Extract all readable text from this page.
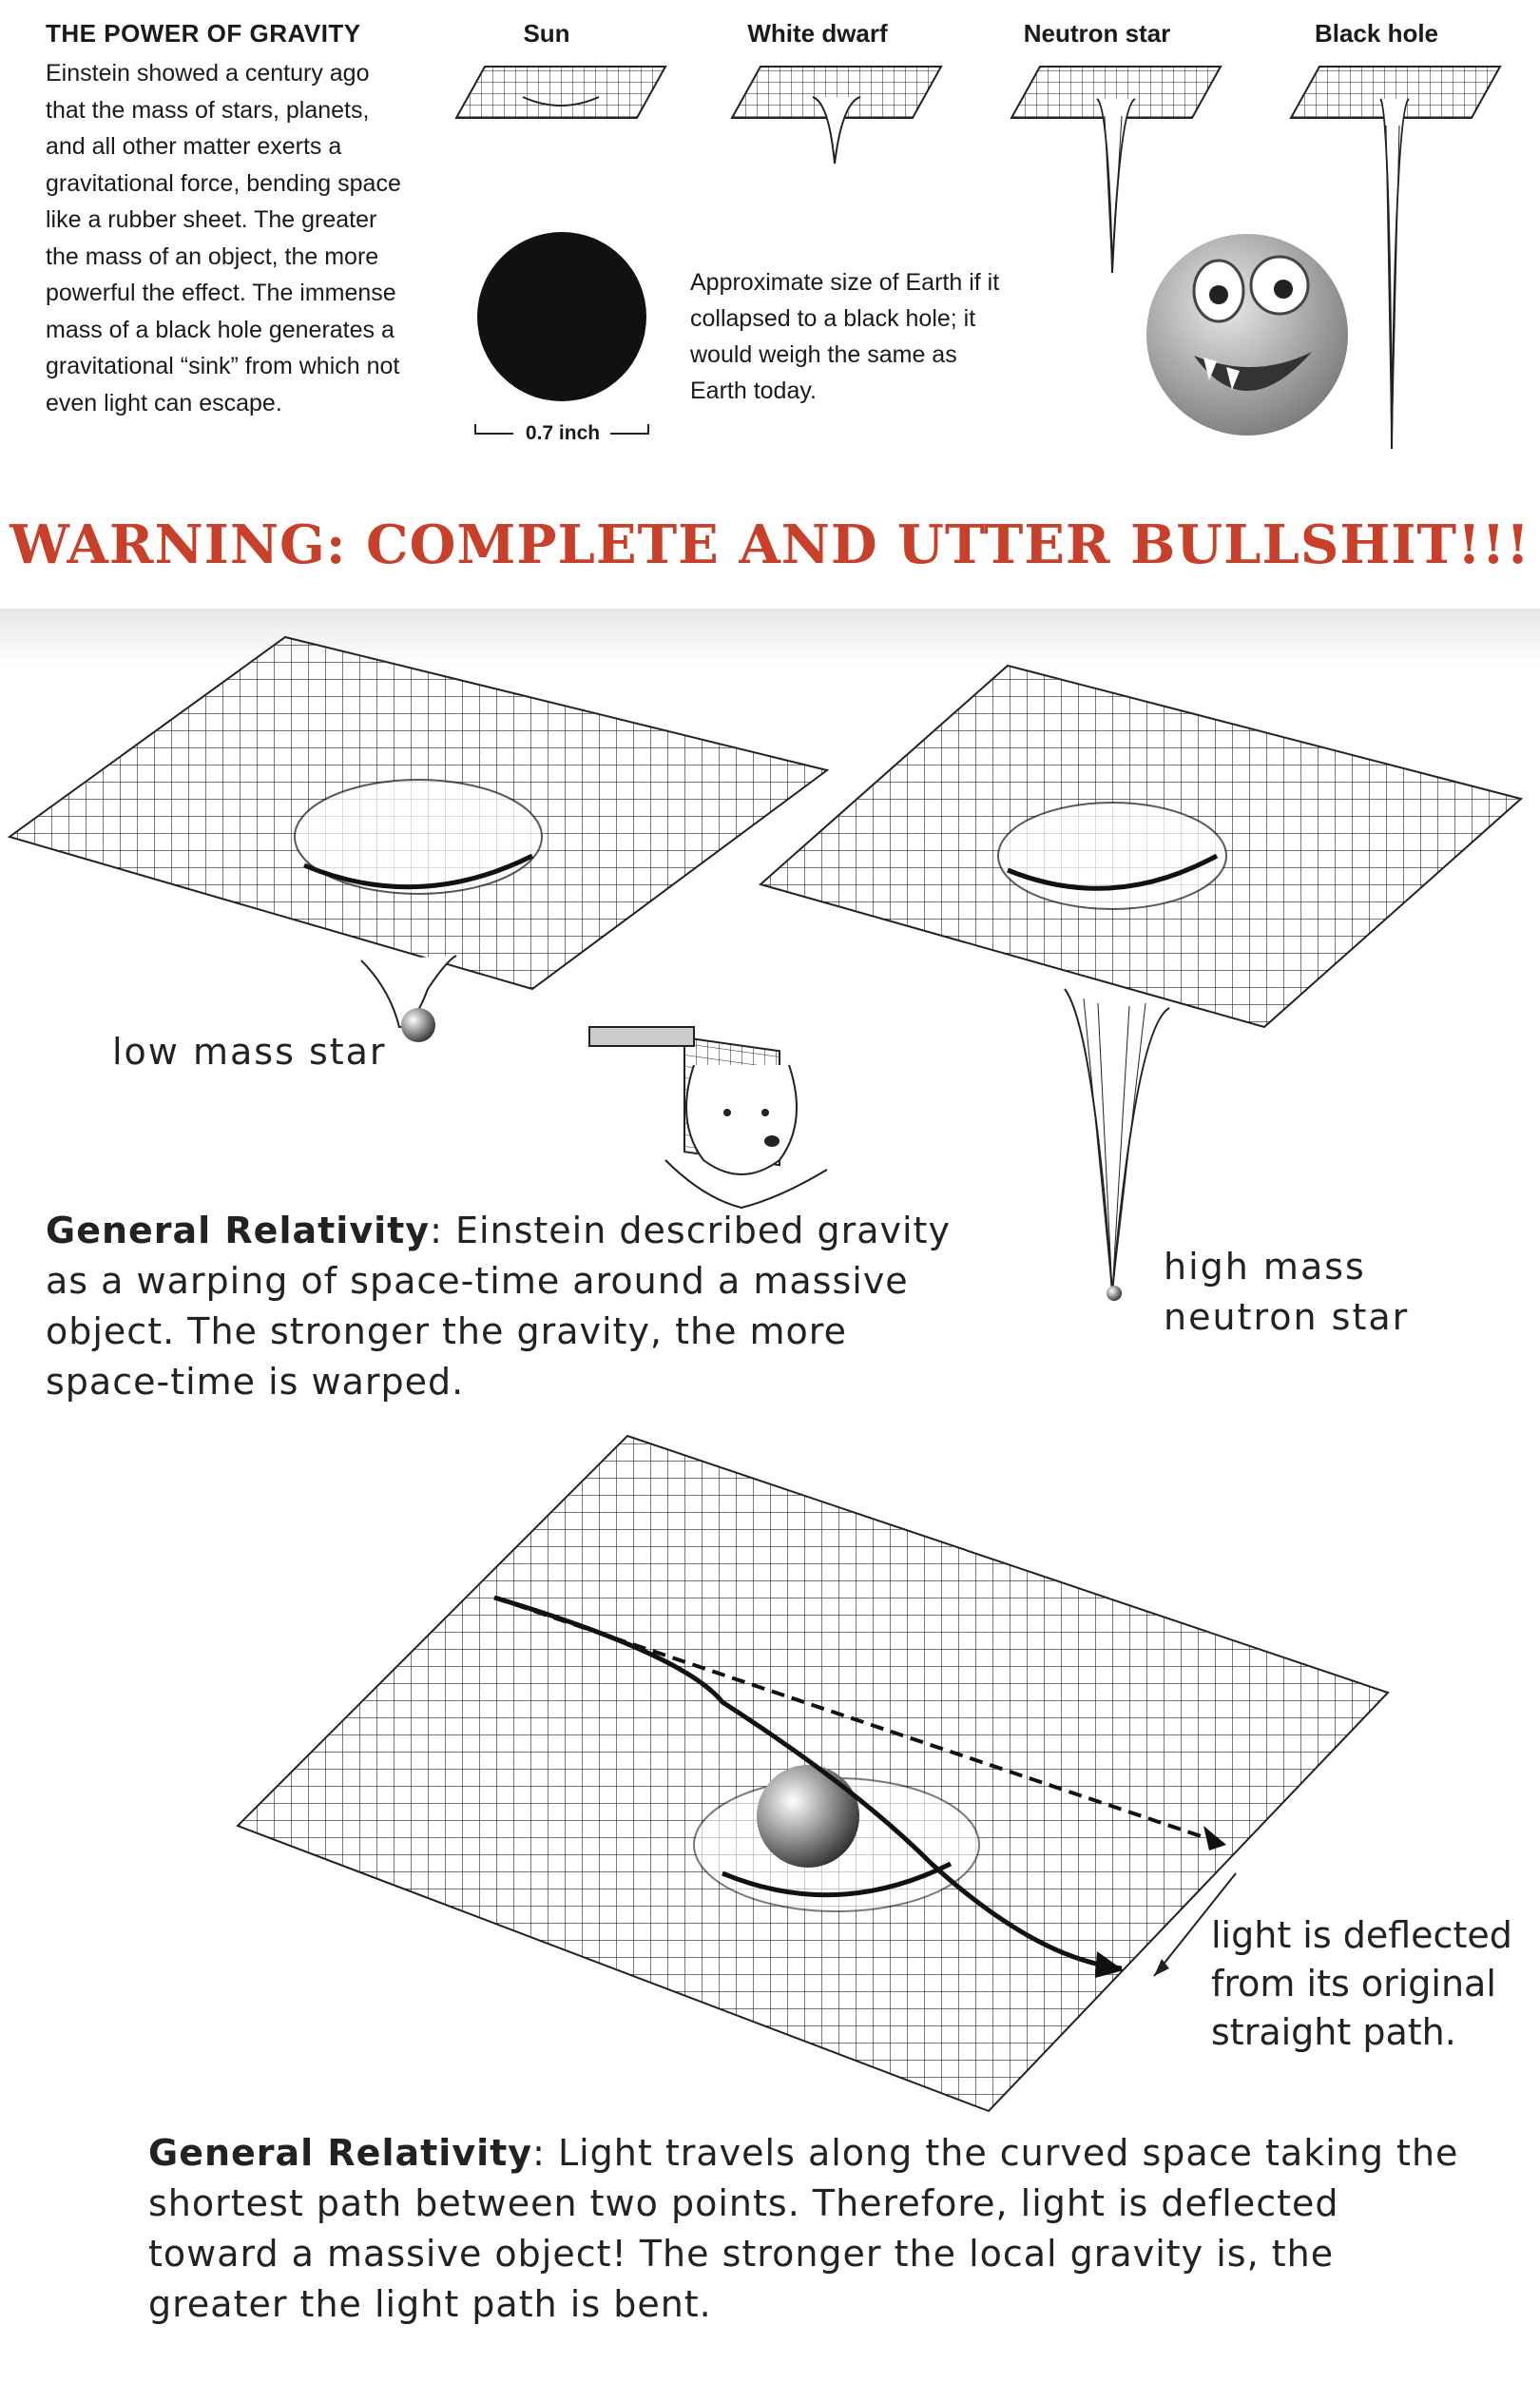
THE POWER OF GRAVITY
Einstein showed a century ago that the mass of stars, planets, and all other matter exerts a gravitational force, bending space like a rubber sheet. The greater the mass of an object, the more powerful the effect. The immense mass of a black hole generates a gravitational “sink” from which not even light can escape.
Sun	White dwarf	Neutron star	Black hole
0.7 inch
Approximate size of Earth if it collapsed to a black hole; it would weigh the same as Earth today.
WARNING: COMPLETE AND UTTER BULLSHIT!!!
low mass star
high mass
neutron star
General Relativity: Einstein described gravity as a warping of space-time around a massive object. The stronger the gravity, the more space-time is warped.
light is deflected
from its original
straight path.
General Relativity: Light travels along the curved space taking the shortest path between two points. Therefore, light is deflected toward a massive object! The stronger the local gravity is, the greater the light path is bent.
